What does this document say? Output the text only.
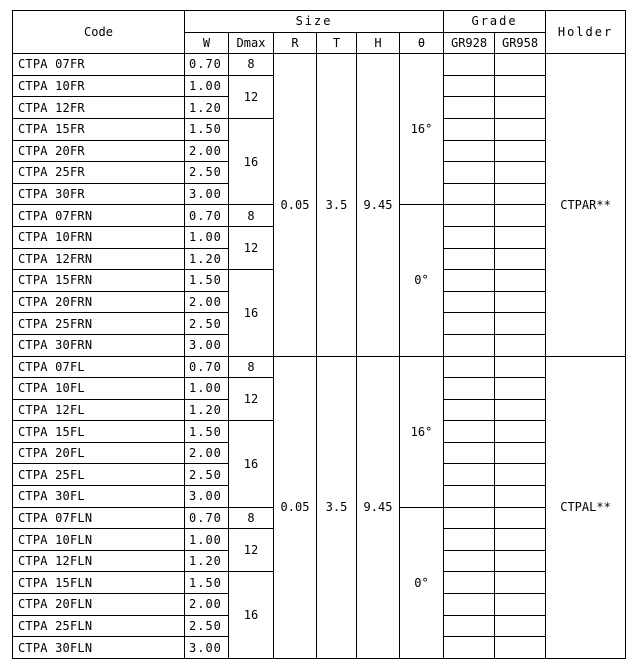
Code	Size						Grade		Holder
	W	Dmax	R	T	H	θ	GR928	GR958	
CTPA 07FR	0.70	8	0.05	3.5	9.45	16°			CTPAR**
CTPA 10FR	1.00	12							
CTPA 12FR	1.20								
CTPA 15FR	1.50	16							
CTPA 20FR	2.00								
CTPA 25FR	2.50								
CTPA 30FR	3.00								
CTPA 07FRN	0.70	8				0°			
CTPA 10FRN	1.00	12							
CTPA 12FRN	1.20								
CTPA 15FRN	1.50	16							
CTPA 20FRN	2.00								
CTPA 25FRN	2.50								
CTPA 30FRN	3.00								
CTPA 07FL	0.70	8	0.05	3.5	9.45	16°			CTPAL**
CTPA 10FL	1.00	12							
CTPA 12FL	1.20								
CTPA 15FL	1.50	16							
CTPA 20FL	2.00								
CTPA 25FL	2.50								
CTPA 30FL	3.00								
CTPA 07FLN	0.70	8				0°			
CTPA 10FLN	1.00	12							
CTPA 12FLN	1.20								
CTPA 15FLN	1.50	16							
CTPA 20FLN	2.00								
CTPA 25FLN	2.50								
CTPA 30FLN	3.00								
